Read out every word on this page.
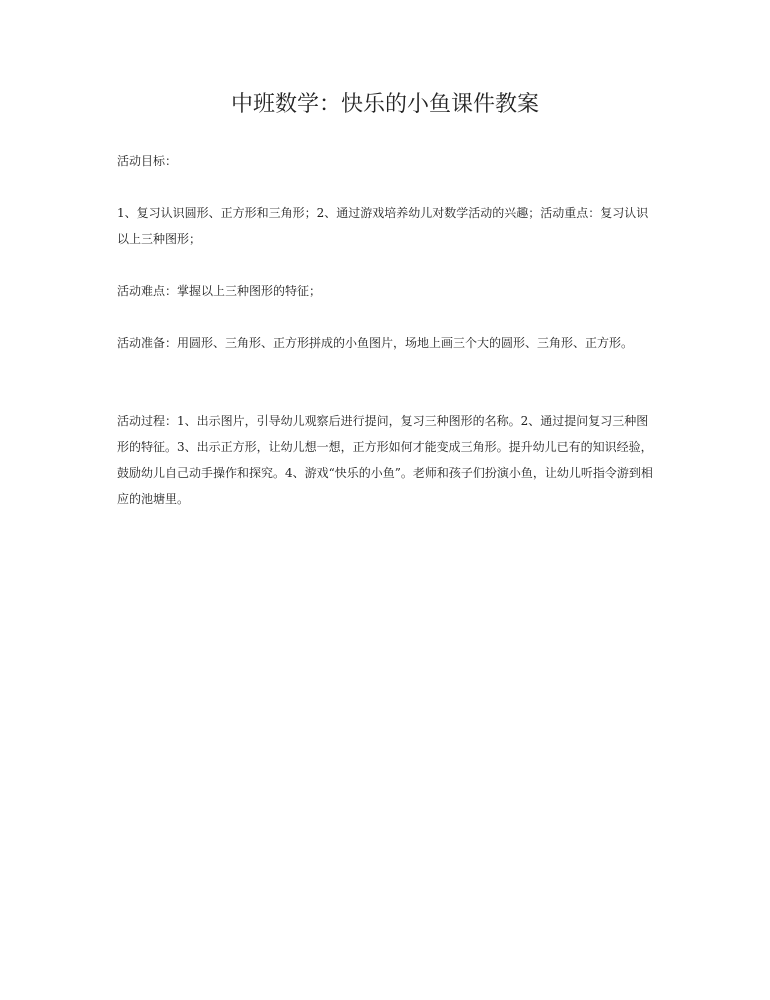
中班数学：快乐的小鱼课件教案

活动目标：

1、复习认识圆形、正方形和三角形；2、通过游戏培养幼儿对数学活动的兴趣；活动重点：复习认识以上三种图形；

活动难点：掌握以上三种图形的特征；

活动准备：用圆形、三角形、正方形拼成的小鱼图片，场地上画三个大的圆形、三角形、正方形。

活动过程：1、出示图片，引导幼儿观察后进行提问，复习三种图形的名称。2、通过提问复习三种图形的特征。3、出示正方形，让幼儿想一想，正方形如何才能变成三角形。提升幼儿已有的知识经验，鼓励幼儿自己动手操作和探究。4、游戏“快乐的小鱼”。老师和孩子们扮演小鱼，让幼儿听指令游到相应的池塘里。
